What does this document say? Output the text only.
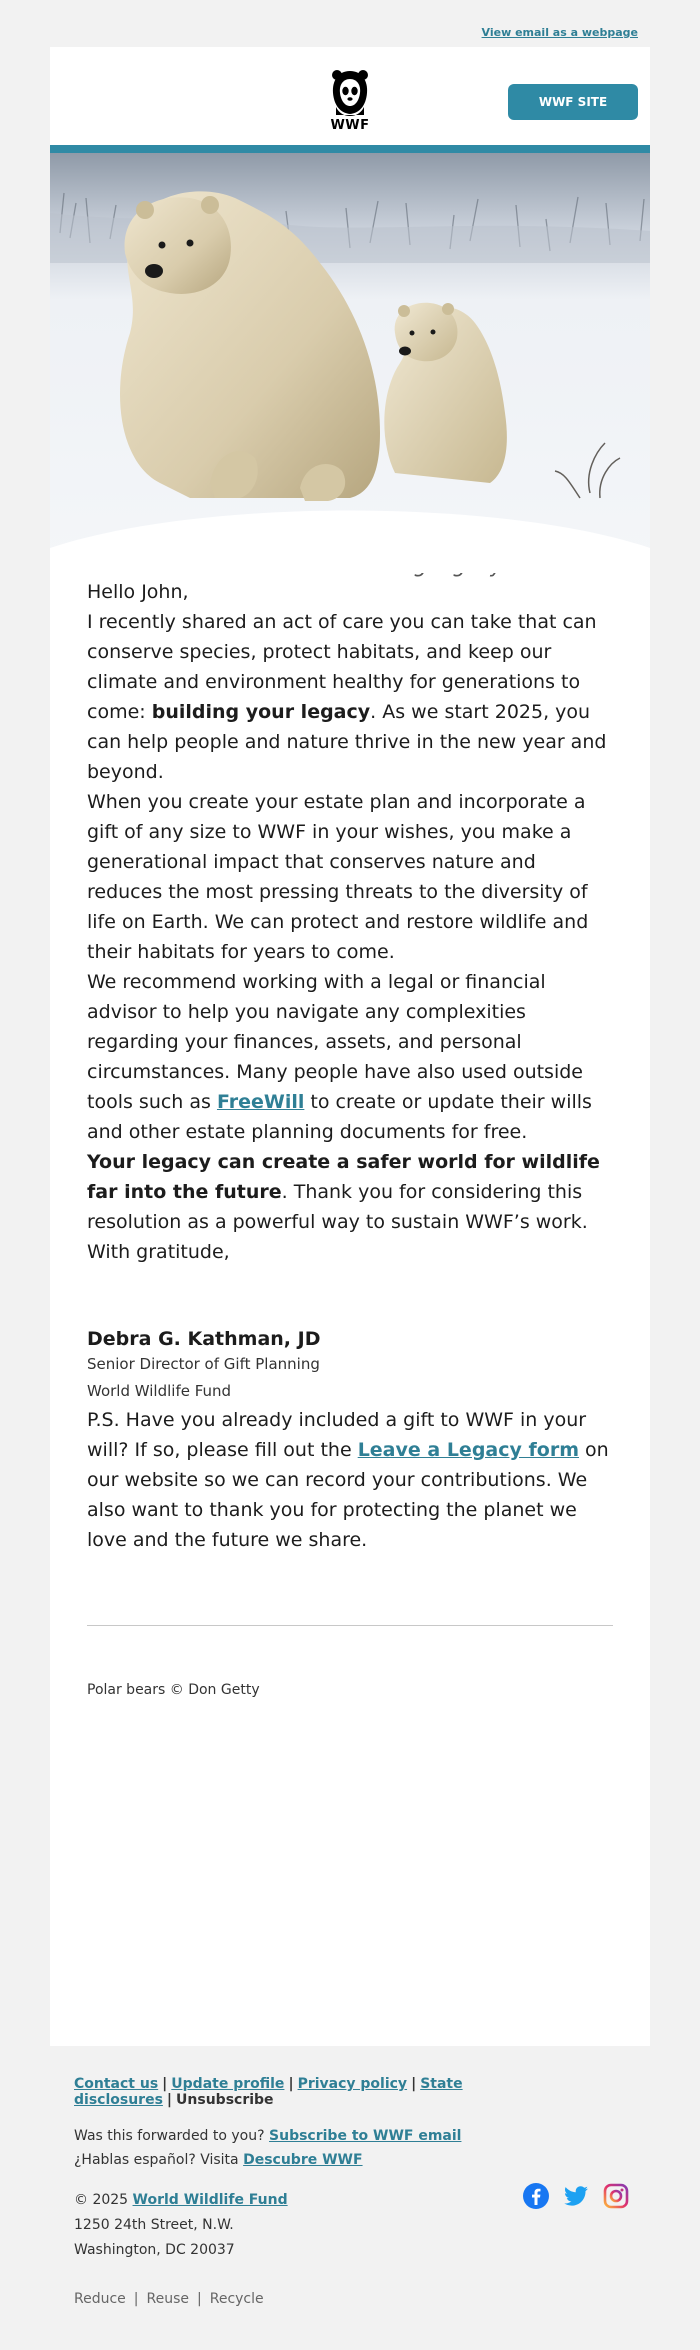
View email as a webpage
WWF
WWF SITE

Hello John,

I recently shared an act of care you can take that can conserve species, protect habitats, and keep our climate and environment healthy for generations to come: building your legacy. As we start 2025, you can help people and nature thrive in the new year and beyond.

When you create your estate plan and incorporate a gift of any size to WWF in your wishes, you make a generational impact that conserves nature and reduces the most pressing threats to the diversity of life on Earth. We can protect and restore wildlife and their habitats for years to come.

We recommend working with a legal or financial advisor to help you navigate any complexities regarding your finances, assets, and personal circumstances. Many people have also used outside tools such as FreeWill to create or update their wills and other estate planning documents for free.

Your legacy can create a safer world for wildlife far into the future. Thank you for considering this resolution as a powerful way to sustain WWF’s work.

With gratitude,

Debra G. Kathman, JD
Senior Director of Gift Planning
World Wildlife Fund

P.S. Have you already included a gift to WWF in your will? If so, please fill out the Leave a Legacy form on our website so we can record your contributions. We also want to thank you for protecting the planet we love and the future we share.

Polar bears © Don Getty
Contact us | Update profile | Privacy policy | State disclosures | Unsubscribe
Was this forwarded to you? Subscribe to WWF email
¿Hablas español? Visita Descubre WWF
© 2025 World Wildlife Fund
1250 24th Street, N.W.
Washington, DC 20037
Reduce | Reuse | Recycle
